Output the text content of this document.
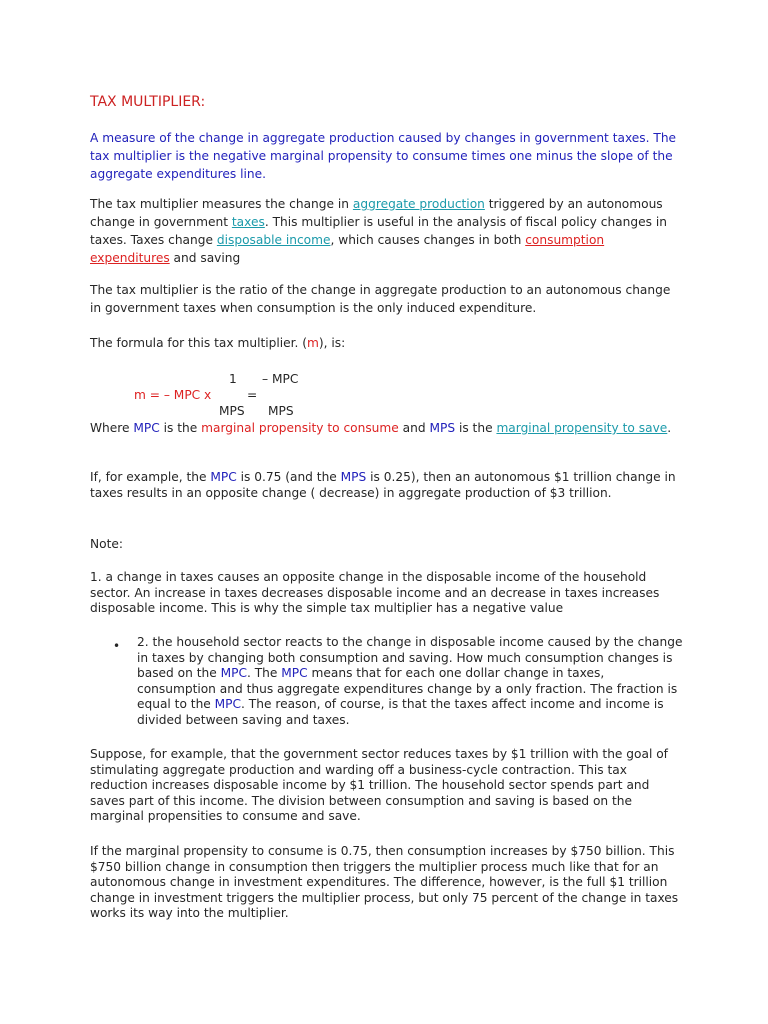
TAX MULTIPLIER:

A measure of the change in aggregate production caused by changes in government taxes. The tax multiplier is the negative marginal propensity to consume times one minus the slope of the aggregate expenditures line.

The tax multiplier measures the change in aggregate production triggered by an autonomous change in government taxes. This multiplier is useful in the analysis of fiscal policy changes in taxes. Taxes change disposable income, which causes changes in both consumption expenditures and saving

The tax multiplier is the ratio of the change in aggregate production to an autonomous change in government taxes when consumption is the only induced expenditure.

The formula for this tax multiplier. (m), is:

1 – MPC
m = – MPC x	=
MPS MPS

Where MPC is the marginal propensity to consume and MPS is the marginal propensity to save.

If, for example, the MPC is 0.75 (and the MPS is 0.25), then an autonomous $1 trillion change in taxes results in an opposite change ( decrease) in aggregate production of $3 trillion.

Note:

1. a change in taxes causes an opposite change in the disposable income of the household sector. An increase in taxes decreases disposable income and an decrease in taxes increases disposable income. This is why the simple tax multiplier has a negative value

• 2. the household sector reacts to the change in disposable income caused by the change in taxes by changing both consumption and saving. How much consumption changes is based on the MPC. The MPC means that for each one dollar change in taxes, consumption and thus aggregate expenditures change by a only fraction. The fraction is equal to the MPC. The reason, of course, is that the taxes affect income and income is divided between saving and taxes.

Suppose, for example, that the government sector reduces taxes by $1 trillion with the goal of stimulating aggregate production and warding off a business-cycle contraction. This tax reduction increases disposable income by $1 trillion. The household sector spends part and saves part of this income. The division between consumption and saving is based on the marginal propensities to consume and save.

If the marginal propensity to consume is 0.75, then consumption increases by $750 billion. This $750 billion change in consumption then triggers the multiplier process much like that for an autonomous change in investment expenditures. The difference, however, is the full $1 trillion change in investment triggers the multiplier process, but only 75 percent of the change in taxes works its way into the multiplier.
